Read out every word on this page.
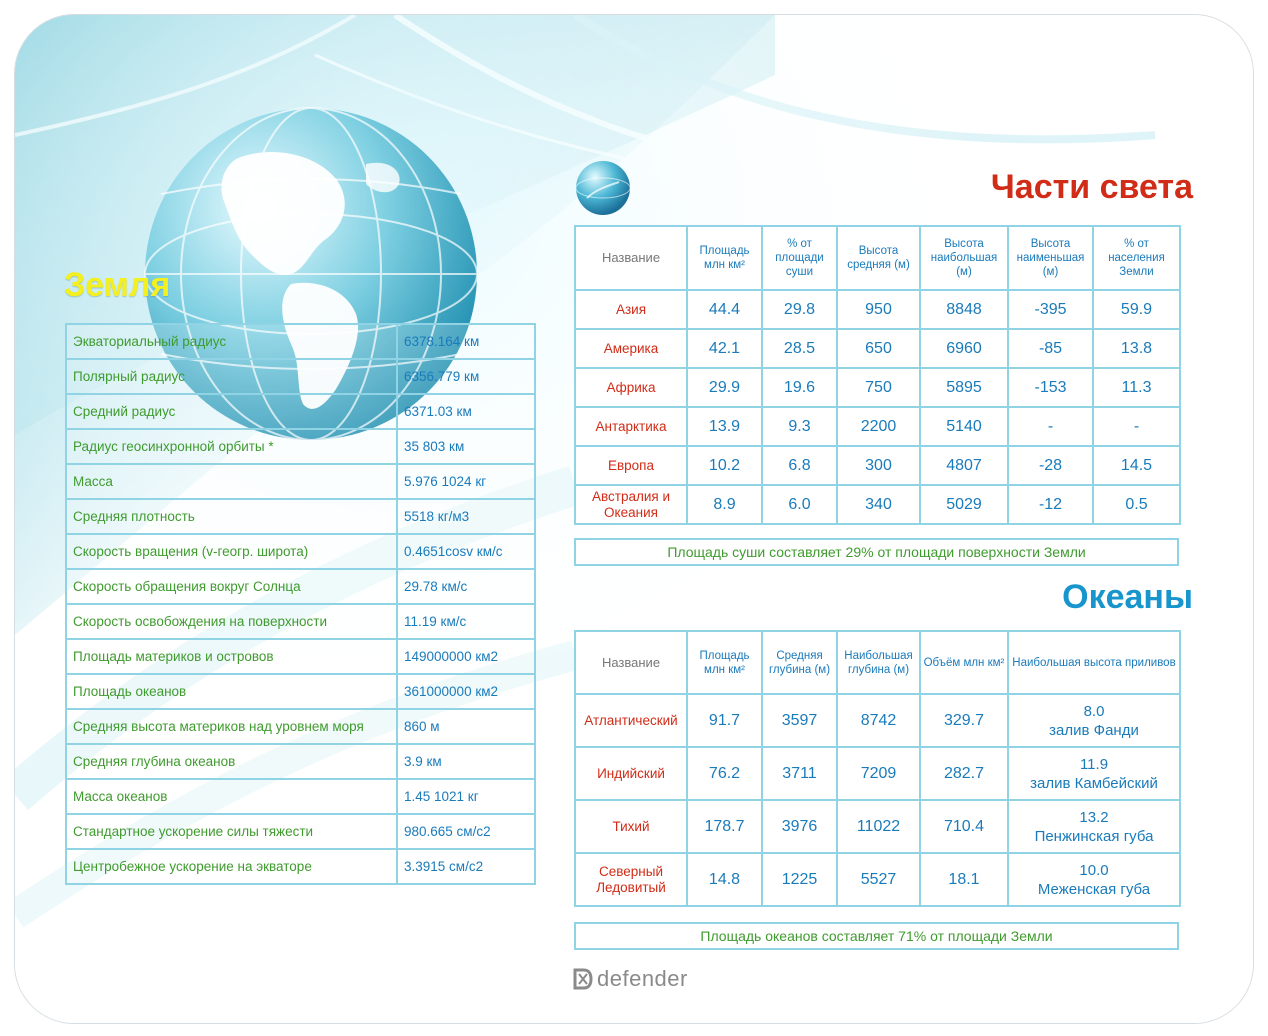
Земля
Части света
Океаны
Экваториальный радиус	6378.164 км
Полярный радиус	6356.779 км
Средний радиус	6371.03 км
Радиус геосинхронной орбиты *	35 803 км
Масса	5.976 1024 кг
Средняя плотность	5518 кг/м3
Скорость вращения (v-геогр. широта)	0.4651cosv км/с
Скорость обращения вокруг Солнца	29.78 км/с
Скорость освобождения на поверхности	11.19 км/с
Площадь материков и островов	149000000 км2
Площадь океанов	361000000 км2
Средняя высота материков над уровнем моря	860 м
Средняя глубина океанов	3.9 км
Масса океанов	1.45 1021 кг
Стандартное ускорение силы тяжести	980.665 см/с2
Центробежное ускорение на экваторе	3.3915 см/с2
Название	Площадь млн км²	% от площади суши	Высота средняя (м)	Высота наибольшая (м)	Высота наименьшая (м)	% от населения Земли
Азия	44.4	29.8	950	8848	-395	59.9
Америка	42.1	28.5	650	6960	-85	13.8
Африка	29.9	19.6	750	5895	-153	11.3
Антарктика	13.9	9.3	2200	5140	-	-
Европа	10.2	6.8	300	4807	-28	14.5
Австралия и Океания	8.9	6.0	340	5029	-12	0.5
Площадь суши составляет 29% от площади поверхности Земли
Название	Площадь млн км²	Средняя глубина (м)	Наибольшая глубина (м)	Объём млн км²	Наибольшая высота приливов
Атлантический	91.7	3597	8742	329.7	8.0
залив Фанди

Индийский	76.2	3711	7209	282.7	11.9
залив Камбейский

Тихий	178.7	3976	11022	710.4	13.2
Пенжинская губа

Северный Ледовитый	14.8	1225	5527	18.1	10.0
Меженская губа
Площадь океанов составляет 71% от площади Земли
defender
